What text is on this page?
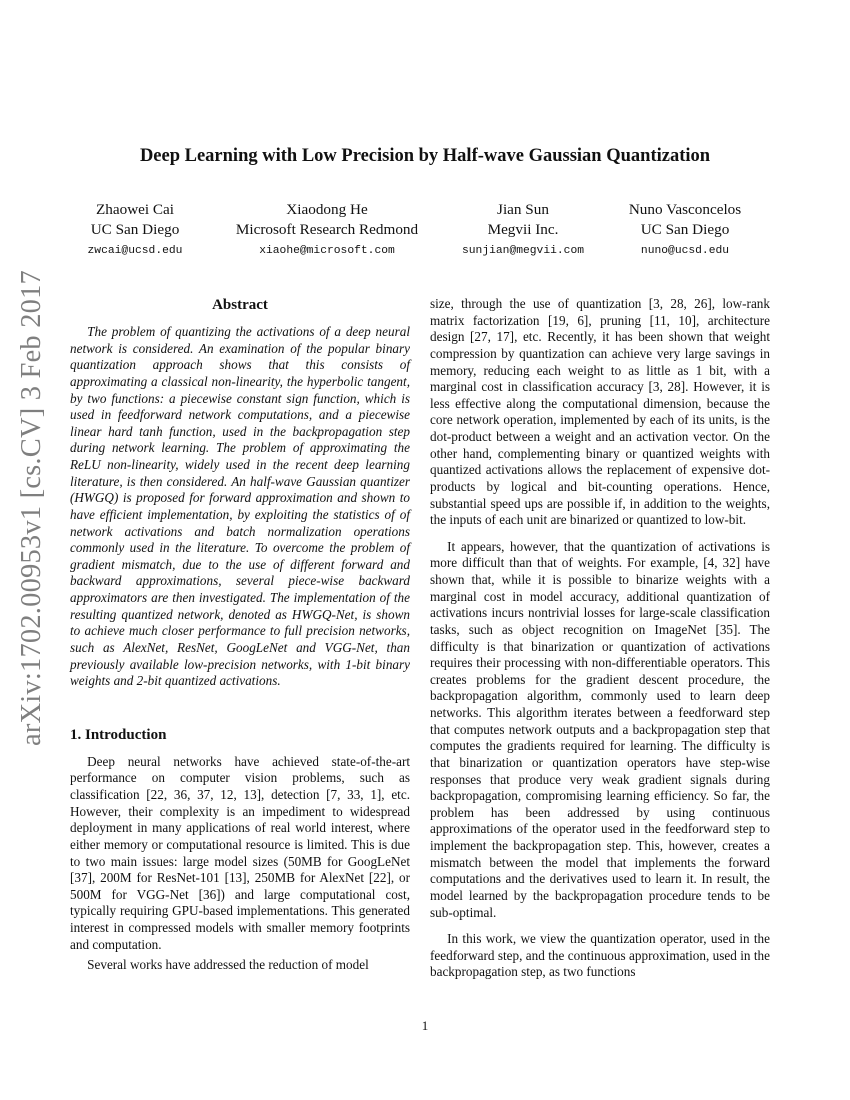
arXiv:1702.00953v1 [cs.CV] 3 Feb 2017
Deep Learning with Low Precision by Half-wave Gaussian Quantization
Zhaowei Cai
UC San Diego
zwcai@ucsd.edu
Xiaodong He
Microsoft Research Redmond
xiaohe@microsoft.com
Jian Sun
Megvii Inc.
sunjian@megvii.com
Nuno Vasconcelos
UC San Diego
nuno@ucsd.edu
Abstract

The problem of quantizing the activations of a deep neural network is considered. An examination of the popular binary quantization approach shows that this consists of approximating a classical non-linearity, the hyperbolic tangent, by two functions: a piecewise constant sign function, which is used in feedforward network computations, and a piecewise linear hard tanh function, used in the backpropagation step during network learning. The problem of approximating the ReLU non-linearity, widely used in the recent deep learning literature, is then considered. An half-wave Gaussian quantizer (HWGQ) is proposed for forward approximation and shown to have efficient implementation, by exploiting the statistics of of network activations and batch normalization operations commonly used in the literature. To overcome the problem of gradient mismatch, due to the use of different forward and backward approximations, several piece-wise backward approximators are then investigated. The implementation of the resulting quantized network, denoted as HWGQ-Net, is shown to achieve much closer performance to full precision networks, such as AlexNet, ResNet, GoogLeNet and VGG-Net, than previously available low-precision networks, with 1-bit binary weights and 2-bit quantized activations.

1. Introduction

Deep neural networks have achieved state-of-the-art performance on computer vision problems, such as classification [22, 36, 37, 12, 13], detection [7, 33, 1], etc. However, their complexity is an impediment to widespread deployment in many applications of real world interest, where either memory or computational resource is limited. This is due to two main issues: large model sizes (50MB for GoogLeNet [37], 200M for ResNet-101 [13], 250MB for AlexNet [22], or 500M for VGG-Net [36]) and large computational cost, typically requiring GPU-based implementations. This generated interest in compressed models with smaller memory footprints and computation.

Several works have addressed the reduction of model

size, through the use of quantization [3, 28, 26], low-rank matrix factorization [19, 6], pruning [11, 10], architecture design [27, 17], etc. Recently, it has been shown that weight compression by quantization can achieve very large savings in memory, reducing each weight to as little as 1 bit, with a marginal cost in classification accuracy [3, 28]. However, it is less effective along the computational dimension, because the core network operation, implemented by each of its units, is the dot-product between a weight and an activation vector. On the other hand, complementing binary or quantized weights with quantized activations allows the replacement of expensive dot-products by logical and bit-counting operations. Hence, substantial speed ups are possible if, in addition to the weights, the inputs of each unit are binarized or quantized to low-bit.

It appears, however, that the quantization of activations is more difficult than that of weights. For example, [4, 32] have shown that, while it is possible to binarize weights with a marginal cost in model accuracy, additional quantization of activations incurs nontrivial losses for large-scale classification tasks, such as object recognition on ImageNet [35]. The difficulty is that binarization or quantization of activations requires their processing with non-differentiable operators. This creates problems for the gradient descent procedure, the backpropagation algorithm, commonly used to learn deep networks. This algorithm iterates between a feedforward step that computes network outputs and a backpropagation step that computes the gradients required for learning. The difficulty is that binarization or quantization operators have step-wise responses that produce very weak gradient signals during backpropagation, compromising learning efficiency. So far, the problem has been addressed by using continuous approximations of the operator used in the feedforward step to implement the backpropagation step. This, however, creates a mismatch between the model that implements the forward computations and the derivatives used to learn it. In result, the model learned by the backpropagation procedure tends to be sub-optimal.

In this work, we view the quantization operator, used in the feedforward step, and the continuous approximation, used in the backpropagation step, as two functions

1
